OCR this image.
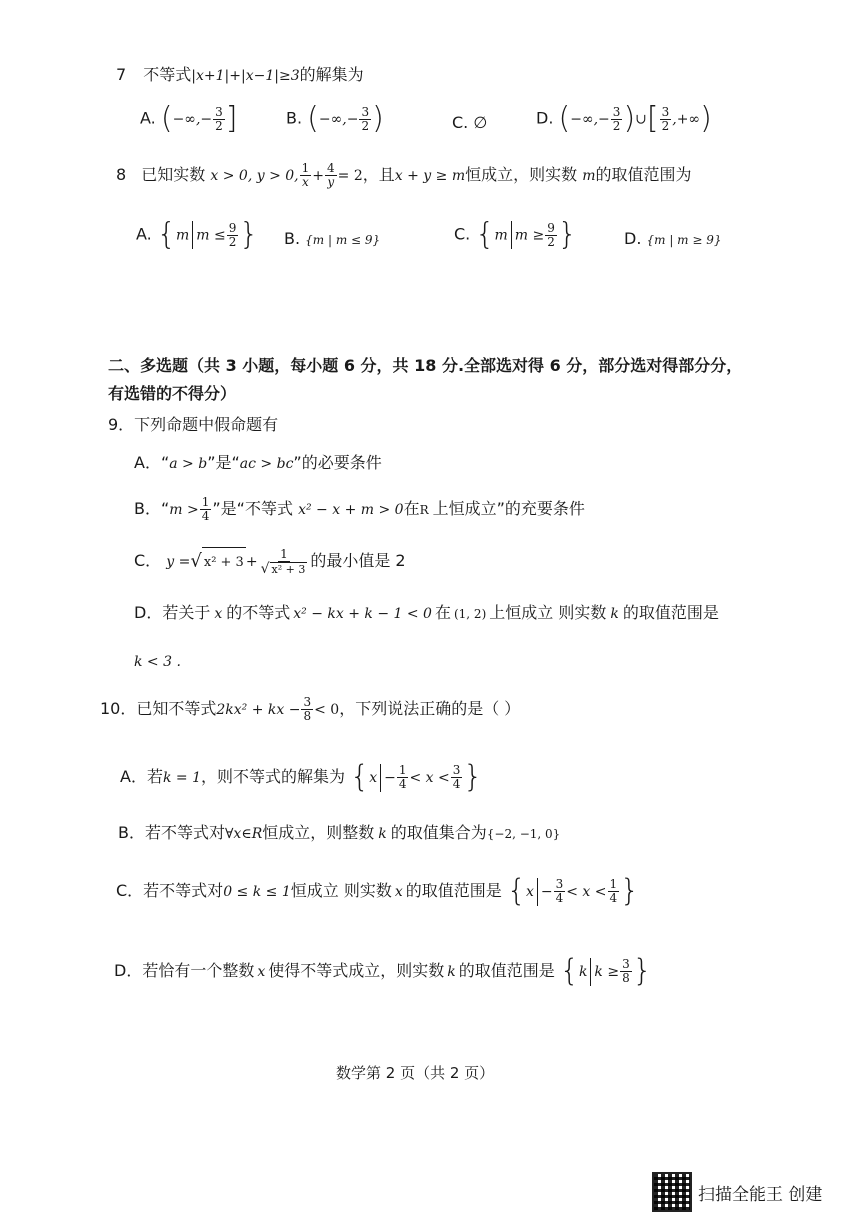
7 不等式|x+1|+|x−1|≥3的解集为
A. (−∞,− $\frac{3}{2}$ ]	B. (−∞,− $\frac{3}{2}$ )	C. ∅	D. (−∞,− $\frac{3}{2}$ )∪[ $\frac{3}{2}$ ,+∞)
8 已知实数 x > 0, y > 0, $\frac{1}{x} + \frac{4}{y} = 2$，且x + y ≥ m恒成立，则实数 m的取值范围为
A. {m $m \le \frac{9}{2}$ } B. {m | m ≤ 9}	C. {m $m \ge \frac{9}{2}$ }	D. {m | m ≥ 9}
二、多选题（共 3 小题，每小题 6 分，共 18 分.全部选对得 6 分，部分选对得部分分，
有选错的不得分）
9．下列命题中假命题有
A．“a > b”是“ac > bc”的必要条件
B．“$m > \frac{1}{4}$ ”是“不等式 x² − x + m > 0在R 上恒成立”的充要条件
C． y =√ $x^2 + 3 + \frac{1}{\text{√ x² + 3}}$ 的最小值是 2
D．若关于 x 的不等式 x² − kx + k − 1 < 0 在 (1, 2) 上恒成立 则实数 k 的取值范围是
k < 3 .
10．已知不等式2kx² + kx − $\frac{3}{8} < 0$，下列说法正确的是（ ）
A．若k = 1，则不等式的解集为 {$x - \frac{1}{4} < x < \frac{3}{4}$ }
B．若不等式对∀x∈R恒成立，则整数 k 的取值集合为{−2, −1, 0}
C．若不等式对0 ≤ k ≤ 1恒成立 则实数 x 的取值范围是 {$x - \frac{3}{4} < x < \frac{1}{4}$ }
D．若恰有一个整数 x 使得不等式成立，则实数 k 的取值范围是 {k $k \ge \frac{3}{8}$ }
数学第 2 页（共 2 页）
扫描全能王 创建
